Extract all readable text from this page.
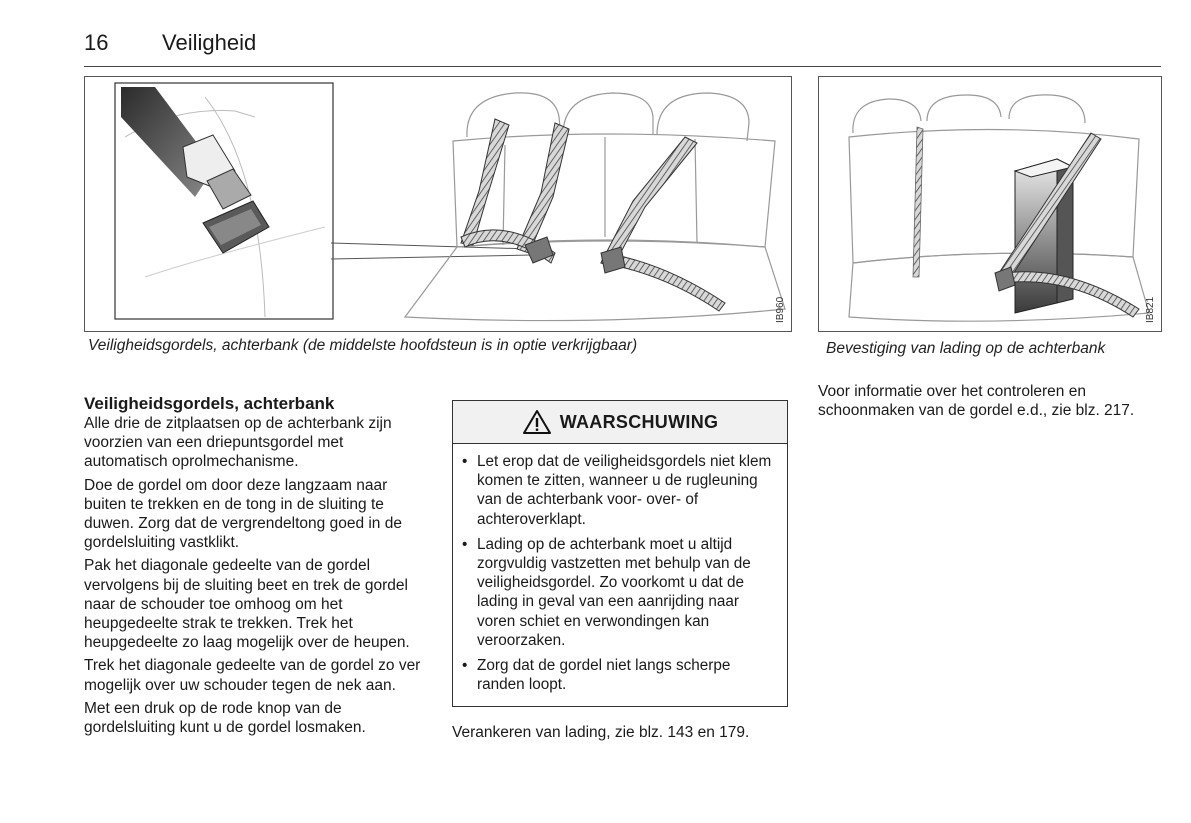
16 Veiligheid
IB960
Veiligheidsgordels, achterbank (de middelste hoofdsteun is in optie verkrijgbaar)
IB821
Bevestiging van lading op de achterbank
Veiligheidsgordels, achterbank

Alle drie de zitplaatsen op de achterbank zijn voorzien van een driepuntsgordel met automatisch oprolmechanisme.

Doe de gordel om door deze langzaam naar buiten te trekken en de tong in de sluiting te duwen. Zorg dat de vergrendeltong goed in de gordelsluiting vastklikt.

Pak het diagonale gedeelte van de gordel vervolgens bij de sluiting beet en trek de gordel naar de schouder toe omhoog om het heupgedeelte strak te trekken. Trek het heupgedeelte zo laag mogelijk over de heupen.

Trek het diagonale gedeelte van de gordel zo ver mogelijk over uw schouder tegen de nek aan.

Met een druk op de rode knop van de gordelsluiting kunt u de gordel losmaken.

WAARSCHUWING
• Let erop dat de veiligheidsgordels niet klem komen te zitten, wanneer u de rugleuning van de achterbank voor- over- of achteroverklapt.
• Lading op de achterbank moet u altijd zorgvuldig vastzetten met behulp van de veiligheidsgordel. Zo voorkomt u dat de lading in geval van een aanrijding naar voren schiet en verwondingen kan veroorzaken.
• Zorg dat de gordel niet langs scherpe randen loopt.
Verankeren van lading, zie blz. 143 en 179.
Voor informatie over het controleren en schoonmaken van de gordel e.d., zie blz. 217.
